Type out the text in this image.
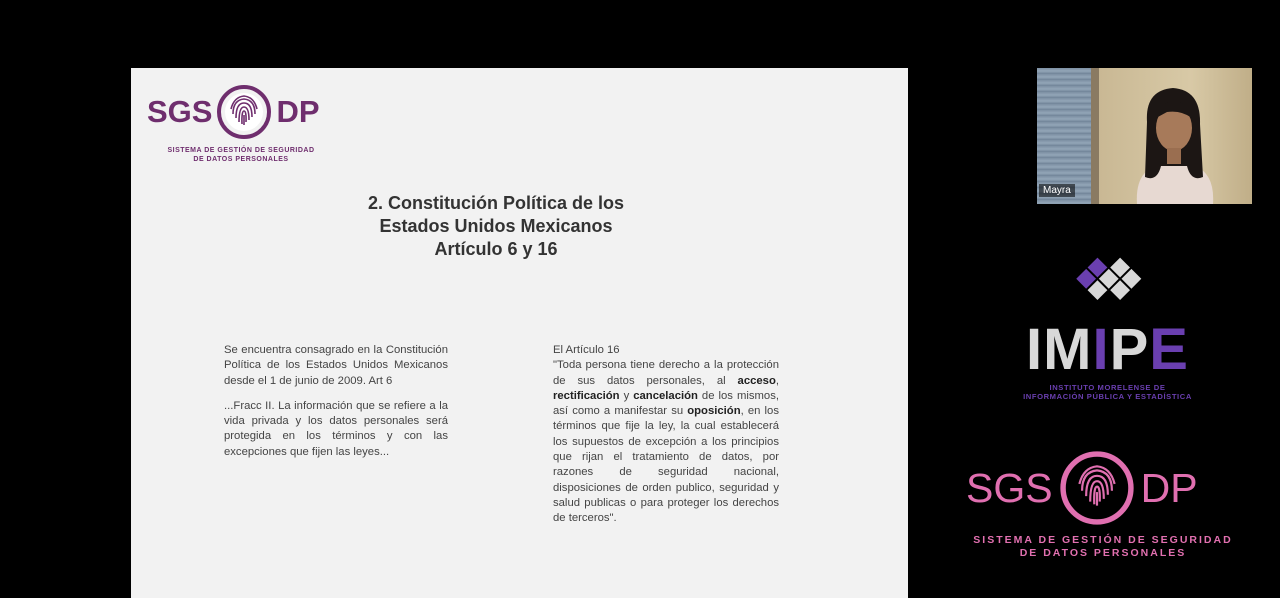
SGS DP
SISTEMA DE GESTIÓN DE SEGURIDAD
DE DATOS PERSONALES
2. Constitución Política de los
Estados Unidos Mexicanos
Artículo 6 y 16

Se encuentra consagrado en la Constitución Política de los Estados Unidos Mexicanos desde el 1 de junio de 2009. Art 6

...Fracc II. La información que se refiere a la vida privada y los datos personales será protegida en los términos y con las excepciones que fijen las leyes...

El Artículo 16

"Toda persona tiene derecho a la protección de sus datos personales, al acceso, rectificación y cancelación de los mismos, así como a manifestar su oposición, en los términos que fije la ley, la cual establecerá los supuestos de excepción a los principios que rijan el tratamiento de datos, por razones de seguridad nacional, disposiciones de orden publico, seguridad y salud publicas o para proteger los derechos de terceros".

Mayra
IMIPE
INSTITUTO MORELENSE DE
INFORMACIÓN PÚBLICA Y ESTADÍSTICA
SGS DP
SISTEMA DE GESTIÓN DE SEGURIDAD
DE DATOS PERSONALES
